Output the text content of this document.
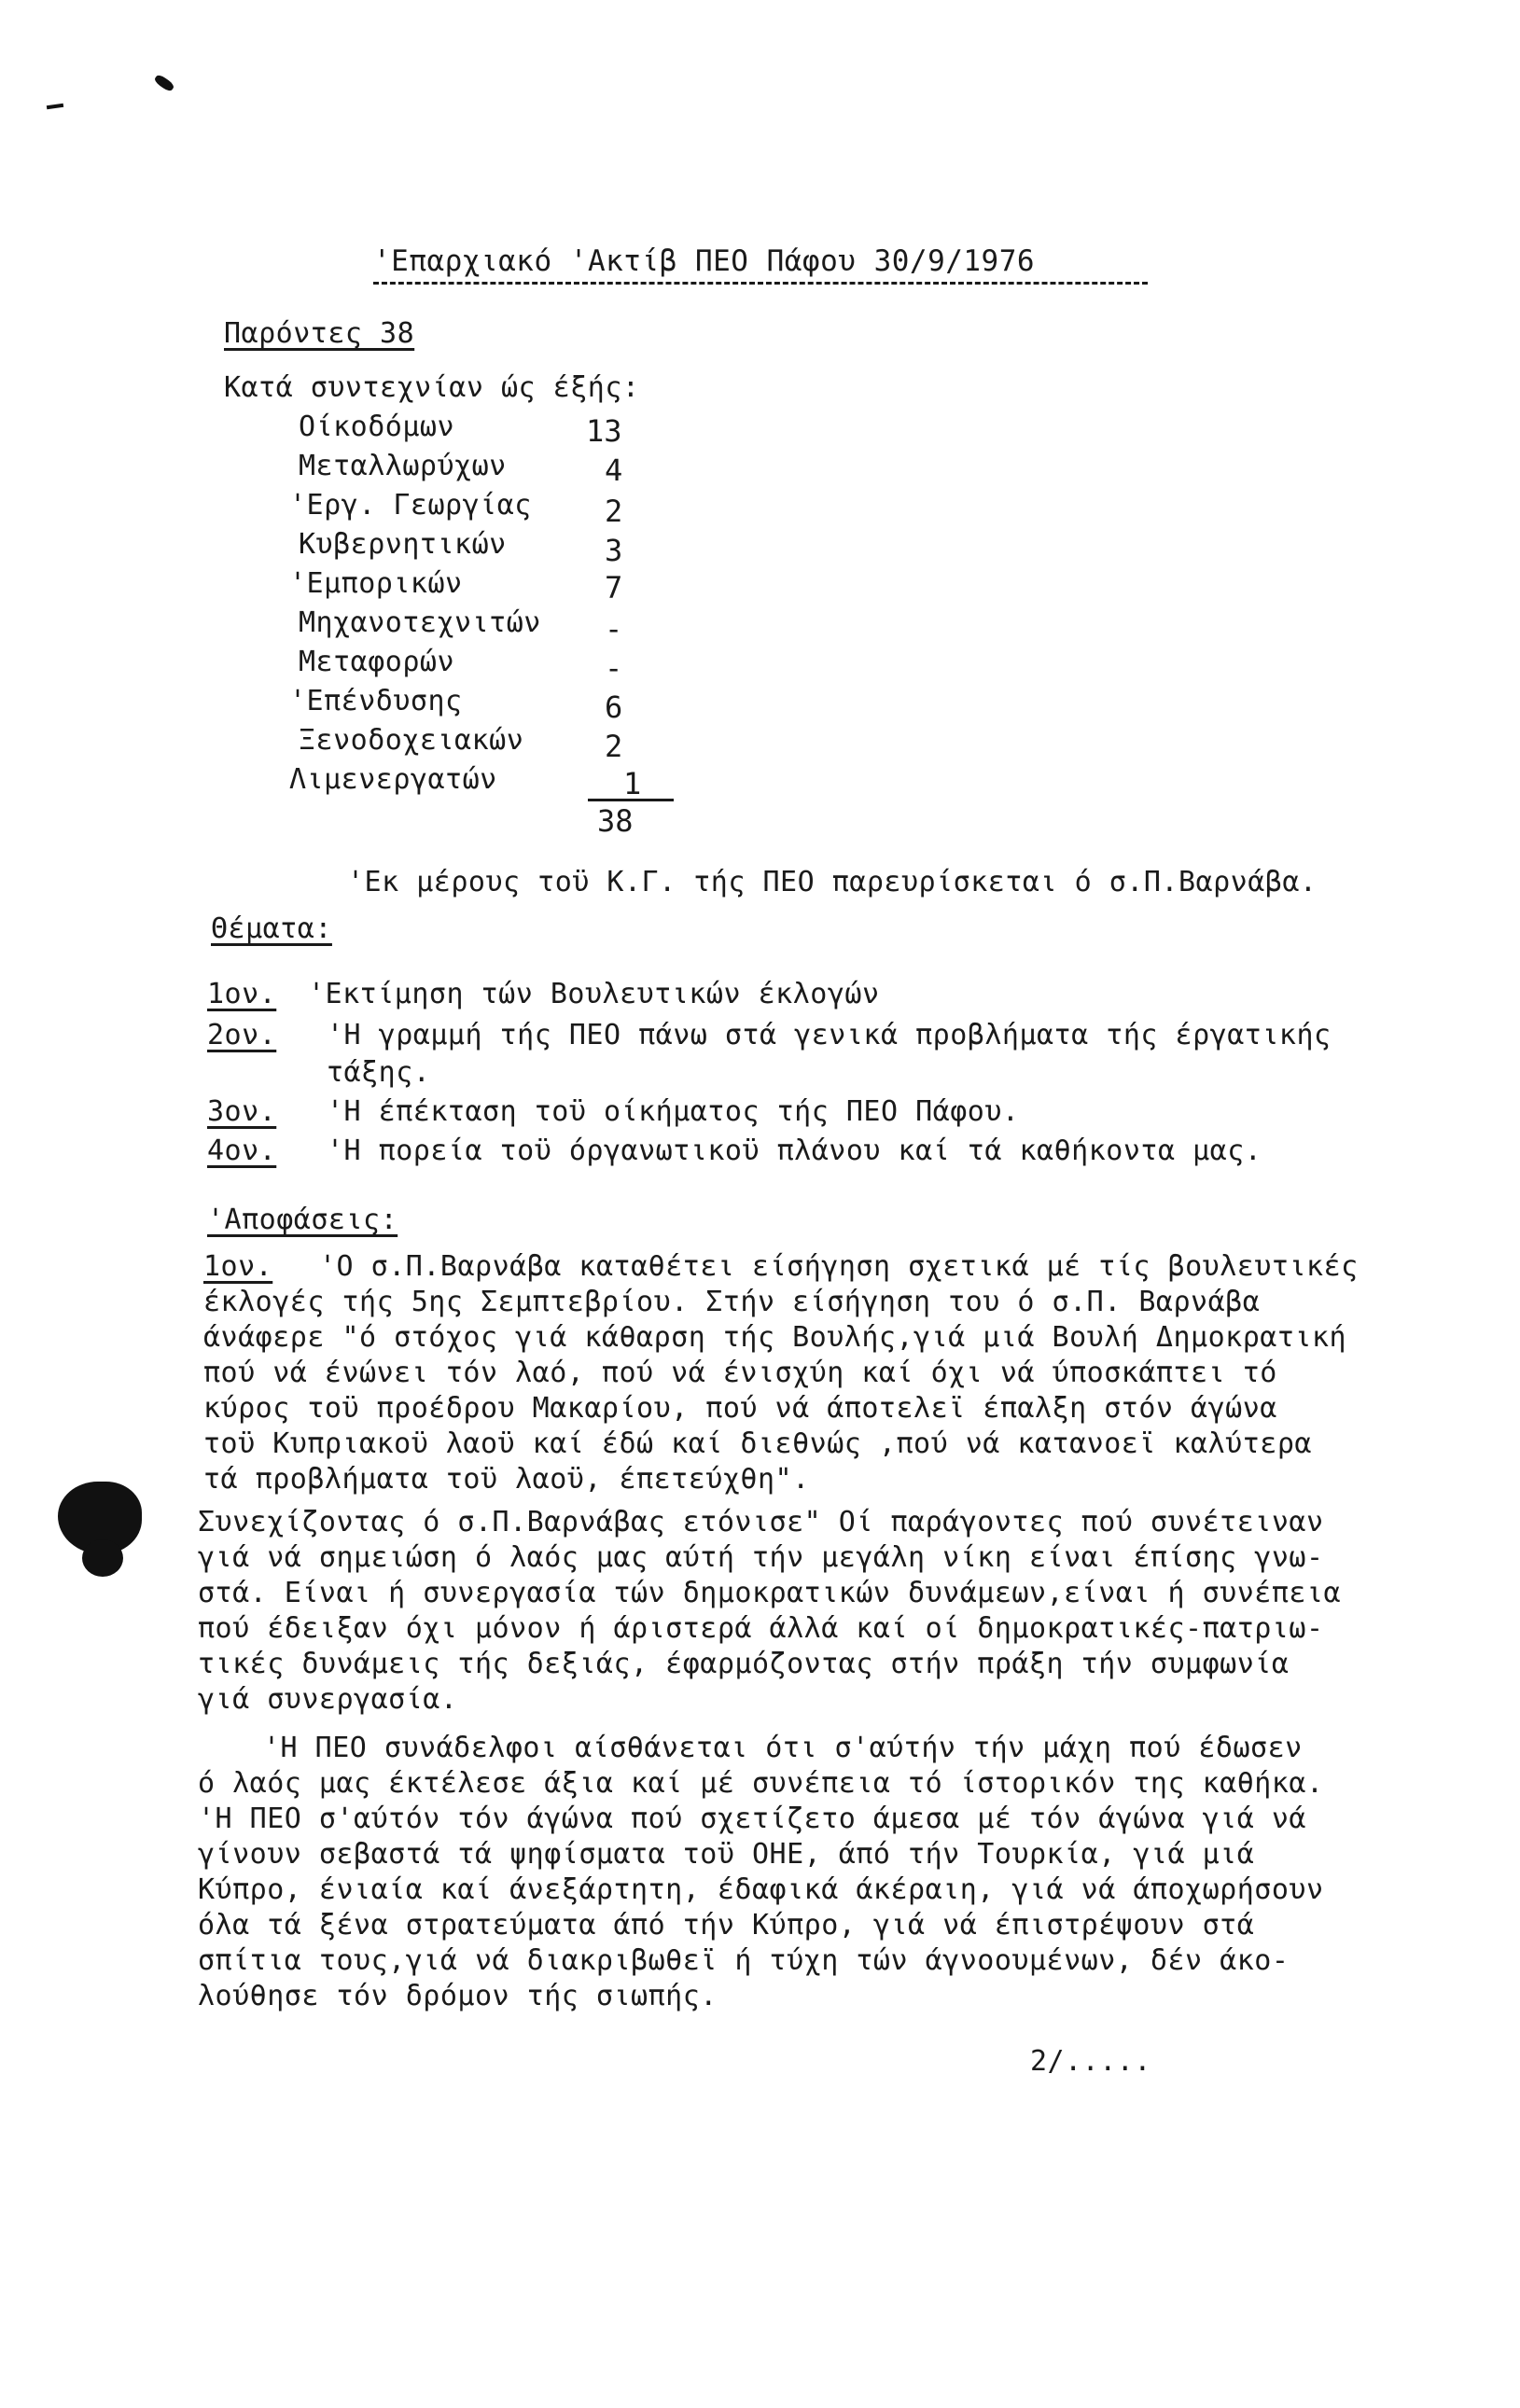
'Επαρχιακό 'Ακτίβ ΠΕΟ Πάφου 30/9/1976
Παρόντες 38
Κατά συντεχνίαν ώς έξής:
Οίκοδόμων	13
Μεταλλωρύχων	4
'Εργ. Γεωργίας 2
Κυβερνητικών	3
'Εμπορικών	7
Μηχανοτεχνιτών -
Μεταφορών	-
'Επένδυσης	6
Ξενοδοχειακών	2
Λιμενεργατών	1
38
'Εκ μέρους τοϋ Κ.Γ. τής ΠΕΟ παρευρίσκεται ό σ.Π.Βαρνάβα.
Θέματα:
1ον. 'Εκτίμηση τών Βουλευτικών έκλογών
2ον. 'Η γραμμή τής ΠΕΟ πάνω στά γενικά προβλήματα τής έργατικής
τάξης.
3ον. 'Η έπέκταση τοϋ οίκήματος τής ΠΕΟ Πάφου.
4ον. 'Η πορεία τοϋ όργανωτικοϋ πλάνου καί τά καθήκοντα μας.
'Αποφάσεις:
1ον. 'Ο σ.Π.Βαρνάβα καταθέτει είσήγηση σχετικά μέ τίς βουλευτικές
έκλογές τής 5ης Σεμπτεβρίου. Στήν είσήγηση του ό σ.Π. Βαρνάβα
άνάφερε "ό στόχος γιά κάθαρση τής Βουλής,γιά μιά Βουλή Δημοκρατική
πού νά ένώνει τόν λαό, πού νά ένισχύη καί όχι νά ύποσκάπτει τό
κύρος τοϋ προέδρου Μακαρίου, πού νά άποτελεϊ έπαλξη στόν άγώνα
τοϋ Κυπριακοϋ λαοϋ καί έδώ καί διεθνώς ,πού νά κατανοεϊ καλύτερα
τά προβλήματα τοϋ λαοϋ, έπετεύχθη".
Συνεχίζοντας ό σ.Π.Βαρνάβας ετόνισε" Οί παράγοντες πού συνέτειναν
γιά νά σημειώση ό λαός μας αύτή τήν μεγάλη νίκη είναι έπίσης γνω-
στά. Είναι ή συνεργασία τών δημοκρατικών δυνάμεων,είναι ή συνέπεια
πού έδειξαν όχι μόνον ή άριστερά άλλά καί οί δημοκρατικές-πατριω-
τικές δυνάμεις τής δεξιάς, έφαρμόζοντας στήν πράξη τήν συμφωνία
γιά συνεργασία.
'Η ΠΕΟ συνάδελφοι αίσθάνεται ότι σ'αύτήν τήν μάχη πού έδωσεν
ό λαός μας έκτέλεσε άξια καί μέ συνέπεια τό ίστορικόν της καθήκα.
'Η ΠΕΟ σ'αύτόν τόν άγώνα πού σχετίζετο άμεσα μέ τόν άγώνα γιά νά
γίνουν σεβαστά τά ψηφίσματα τοϋ ΟΗΕ, άπό τήν Τουρκία, γιά μιά
Κύπρο, ένιαία καί άνεξάρτητη, έδαφικά άκέραιη, γιά νά άποχωρήσουν
όλα τά ξένα στρατεύματα άπό τήν Κύπρο, γιά νά έπιστρέψουν στά
σπίτια τους,γιά νά διακριβωθεϊ ή τύχη τών άγνοουμένων, δέν άκο-
λούθησε τόν δρόμον τής σιωπής.
2/.....
